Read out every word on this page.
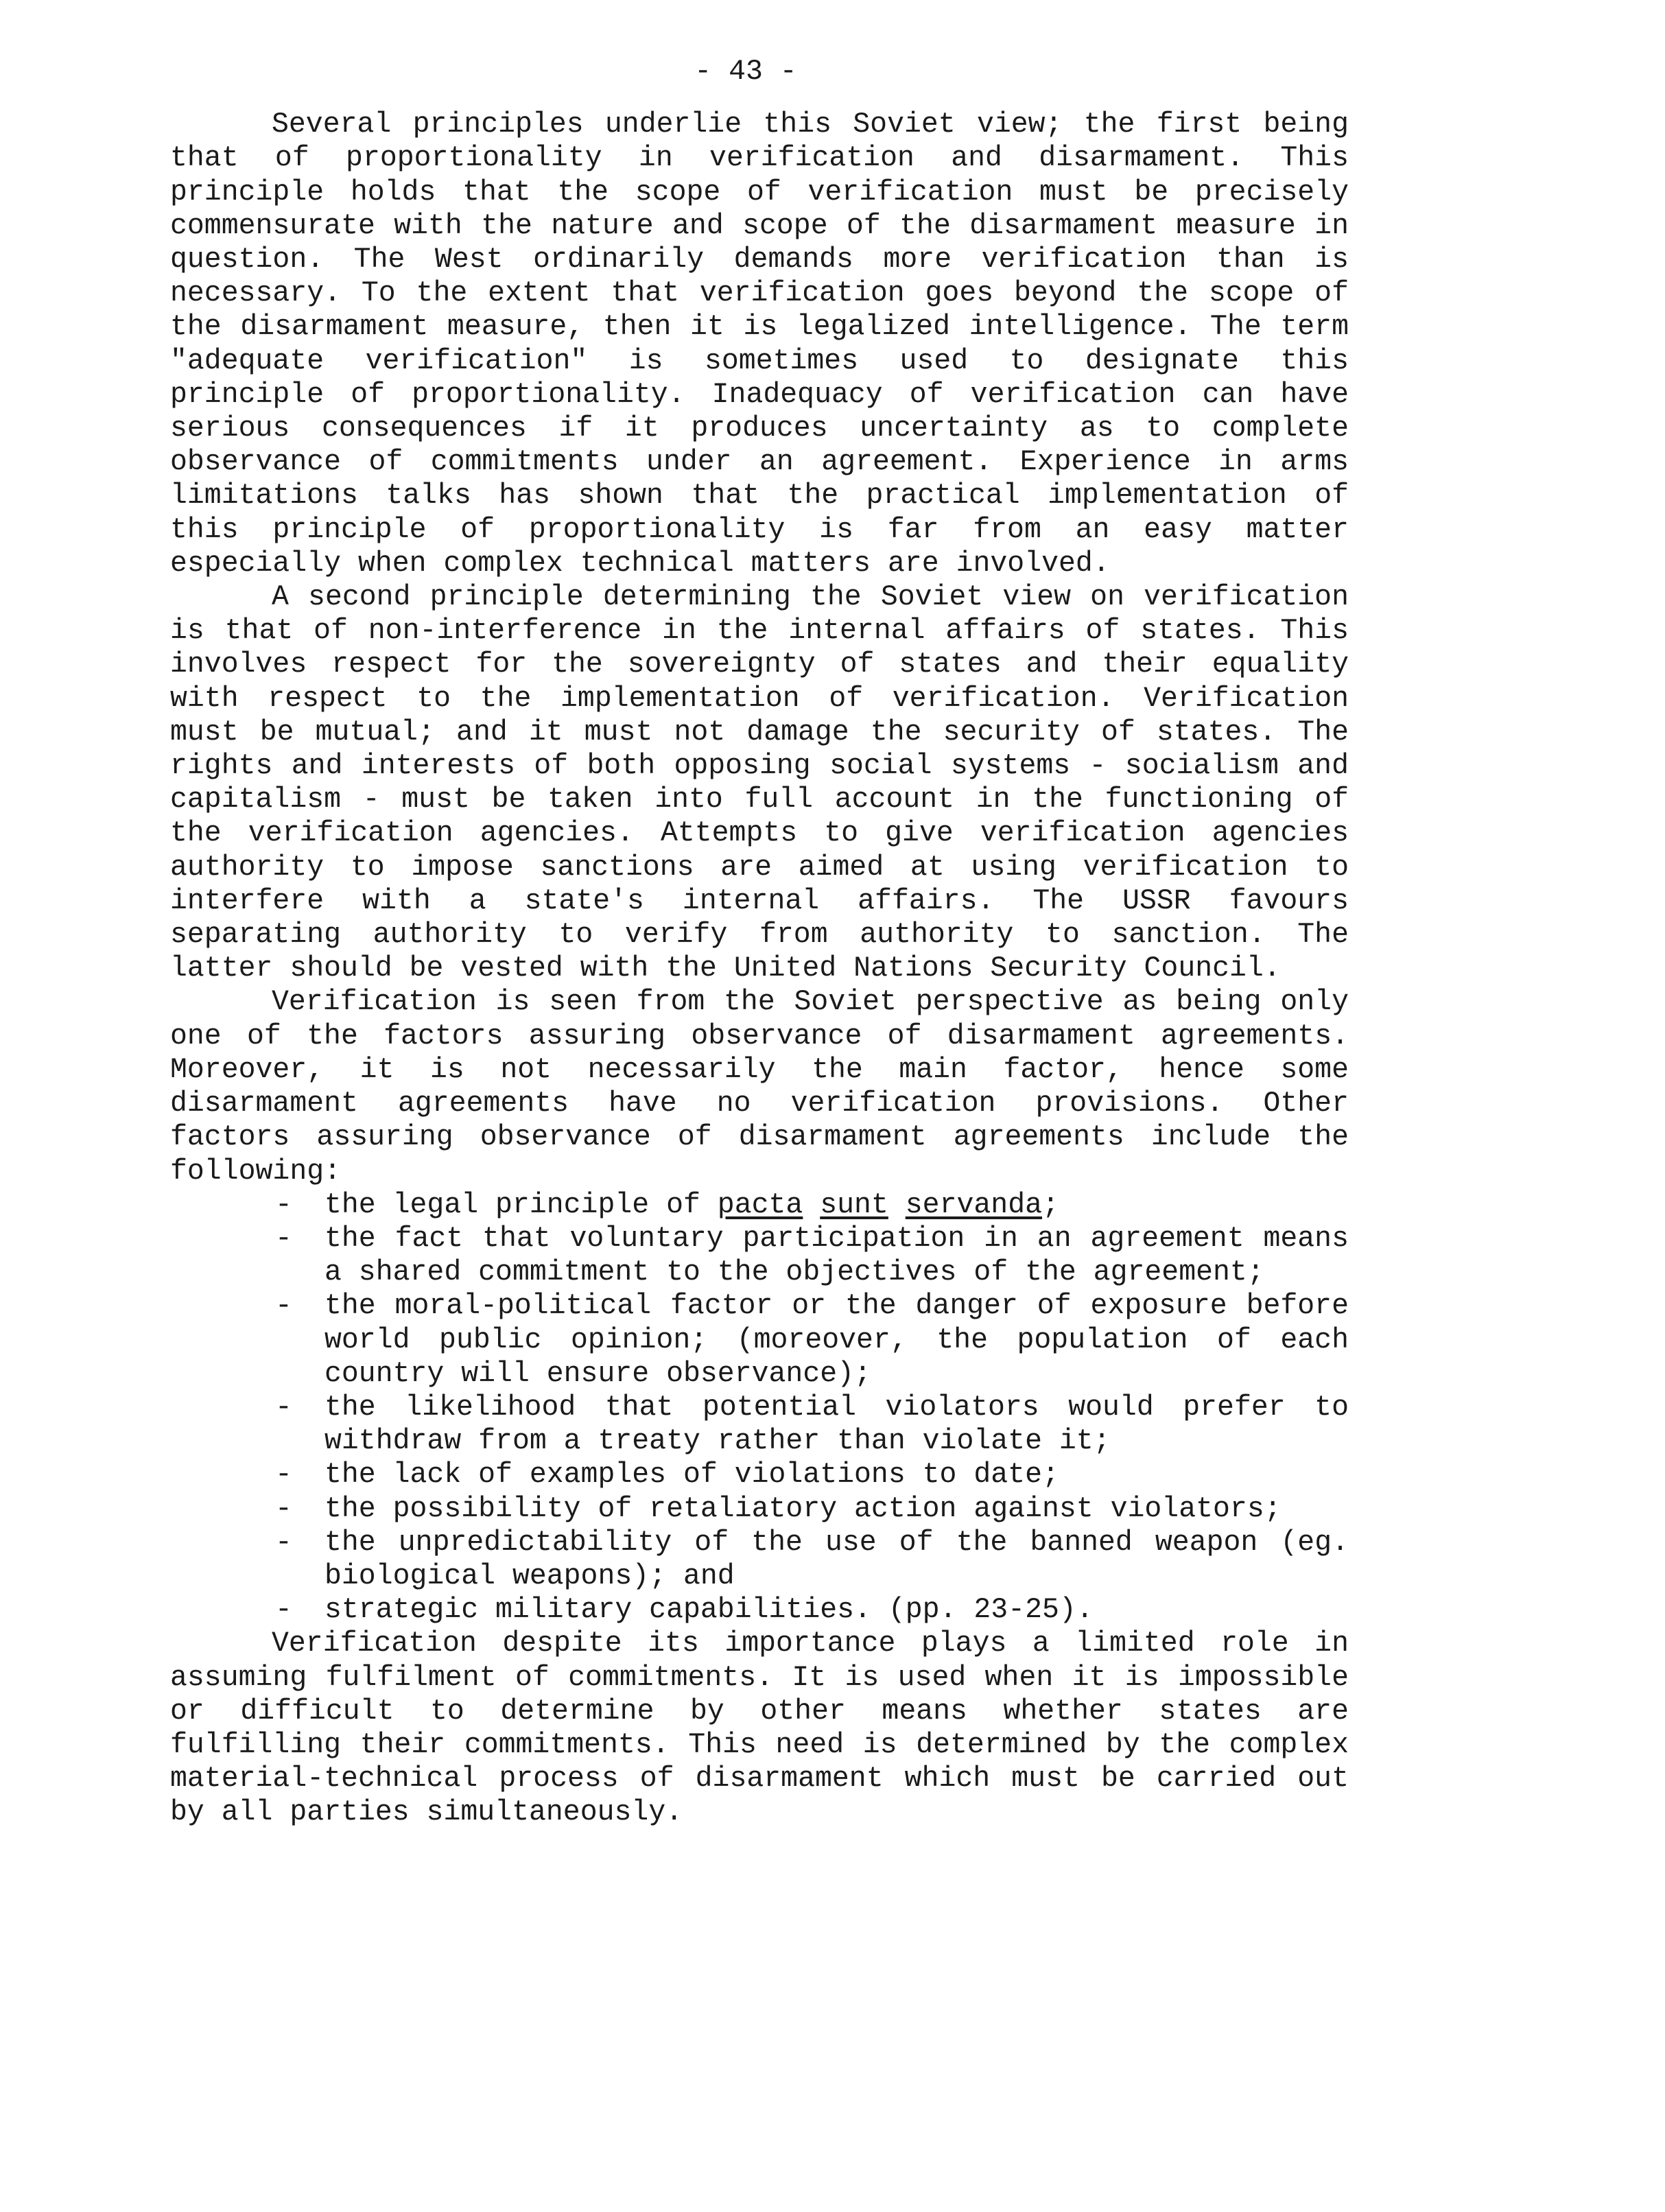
- 43 -

Several principles underlie this Soviet view; the first being that of proportionality in verification and disarmament. This principle holds that the scope of verification must be precisely commensurate with the nature and scope of the disarmament measure in question. The West ordinarily demands more verification than is necessary. To the extent that verification goes beyond the scope of the disarmament measure, then it is legalized intelligence. The term "adequate verification" is sometimes used to designate this principle of proportionality. Inadequacy of verification can have serious consequences if it produces uncertainty as to complete observance of commitments under an agreement. Experience in arms limitations talks has shown that the practical implementation of this principle of proportionality is far from an easy matter especially when complex technical matters are involved.

A second principle determining the Soviet view on verification is that of non-interference in the internal affairs of states. This involves respect for the sovereignty of states and their equality with respect to the implementation of verification. Verification must be mutual; and it must not damage the security of states. The rights and interests of both opposing social systems - socialism and capitalism - must be taken into full account in the functioning of the verification agencies. Attempts to give verification agencies authority to impose sanctions are aimed at using verification to interfere with a state's internal affairs. The USSR favours separating authority to verify from authority to sanction. The latter should be vested with the United Nations Security Council.

Verification is seen from the Soviet perspective as being only one of the factors assuring observance of disarmament agreements. Moreover, it is not necessarily the main factor, hence some disarmament agreements have no verification provisions. Other factors assuring observance of disarmament agreements include the following:

- the legal principle of pacta sunt servanda;
- the fact that voluntary participation in an agreement means a shared commitment to the objectives of the agreement;
- the moral-political factor or the danger of exposure before world public opinion; (moreover, the population of each country will ensure observance);
- the likelihood that potential violators would prefer to withdraw from a treaty rather than violate it;
- the lack of examples of violations to date;
- the possibility of retaliatory action against violators;
- the unpredictability of the use of the banned weapon (eg. biological weapons); and
- strategic military capabilities. (pp. 23-25).

Verification despite its importance plays a limited role in assuming fulfilment of commitments. It is used when it is impossible or difficult to determine by other means whether states are fulfilling their commitments. This need is determined by the complex material-technical process of disarmament which must be carried out by all parties simultaneously.
